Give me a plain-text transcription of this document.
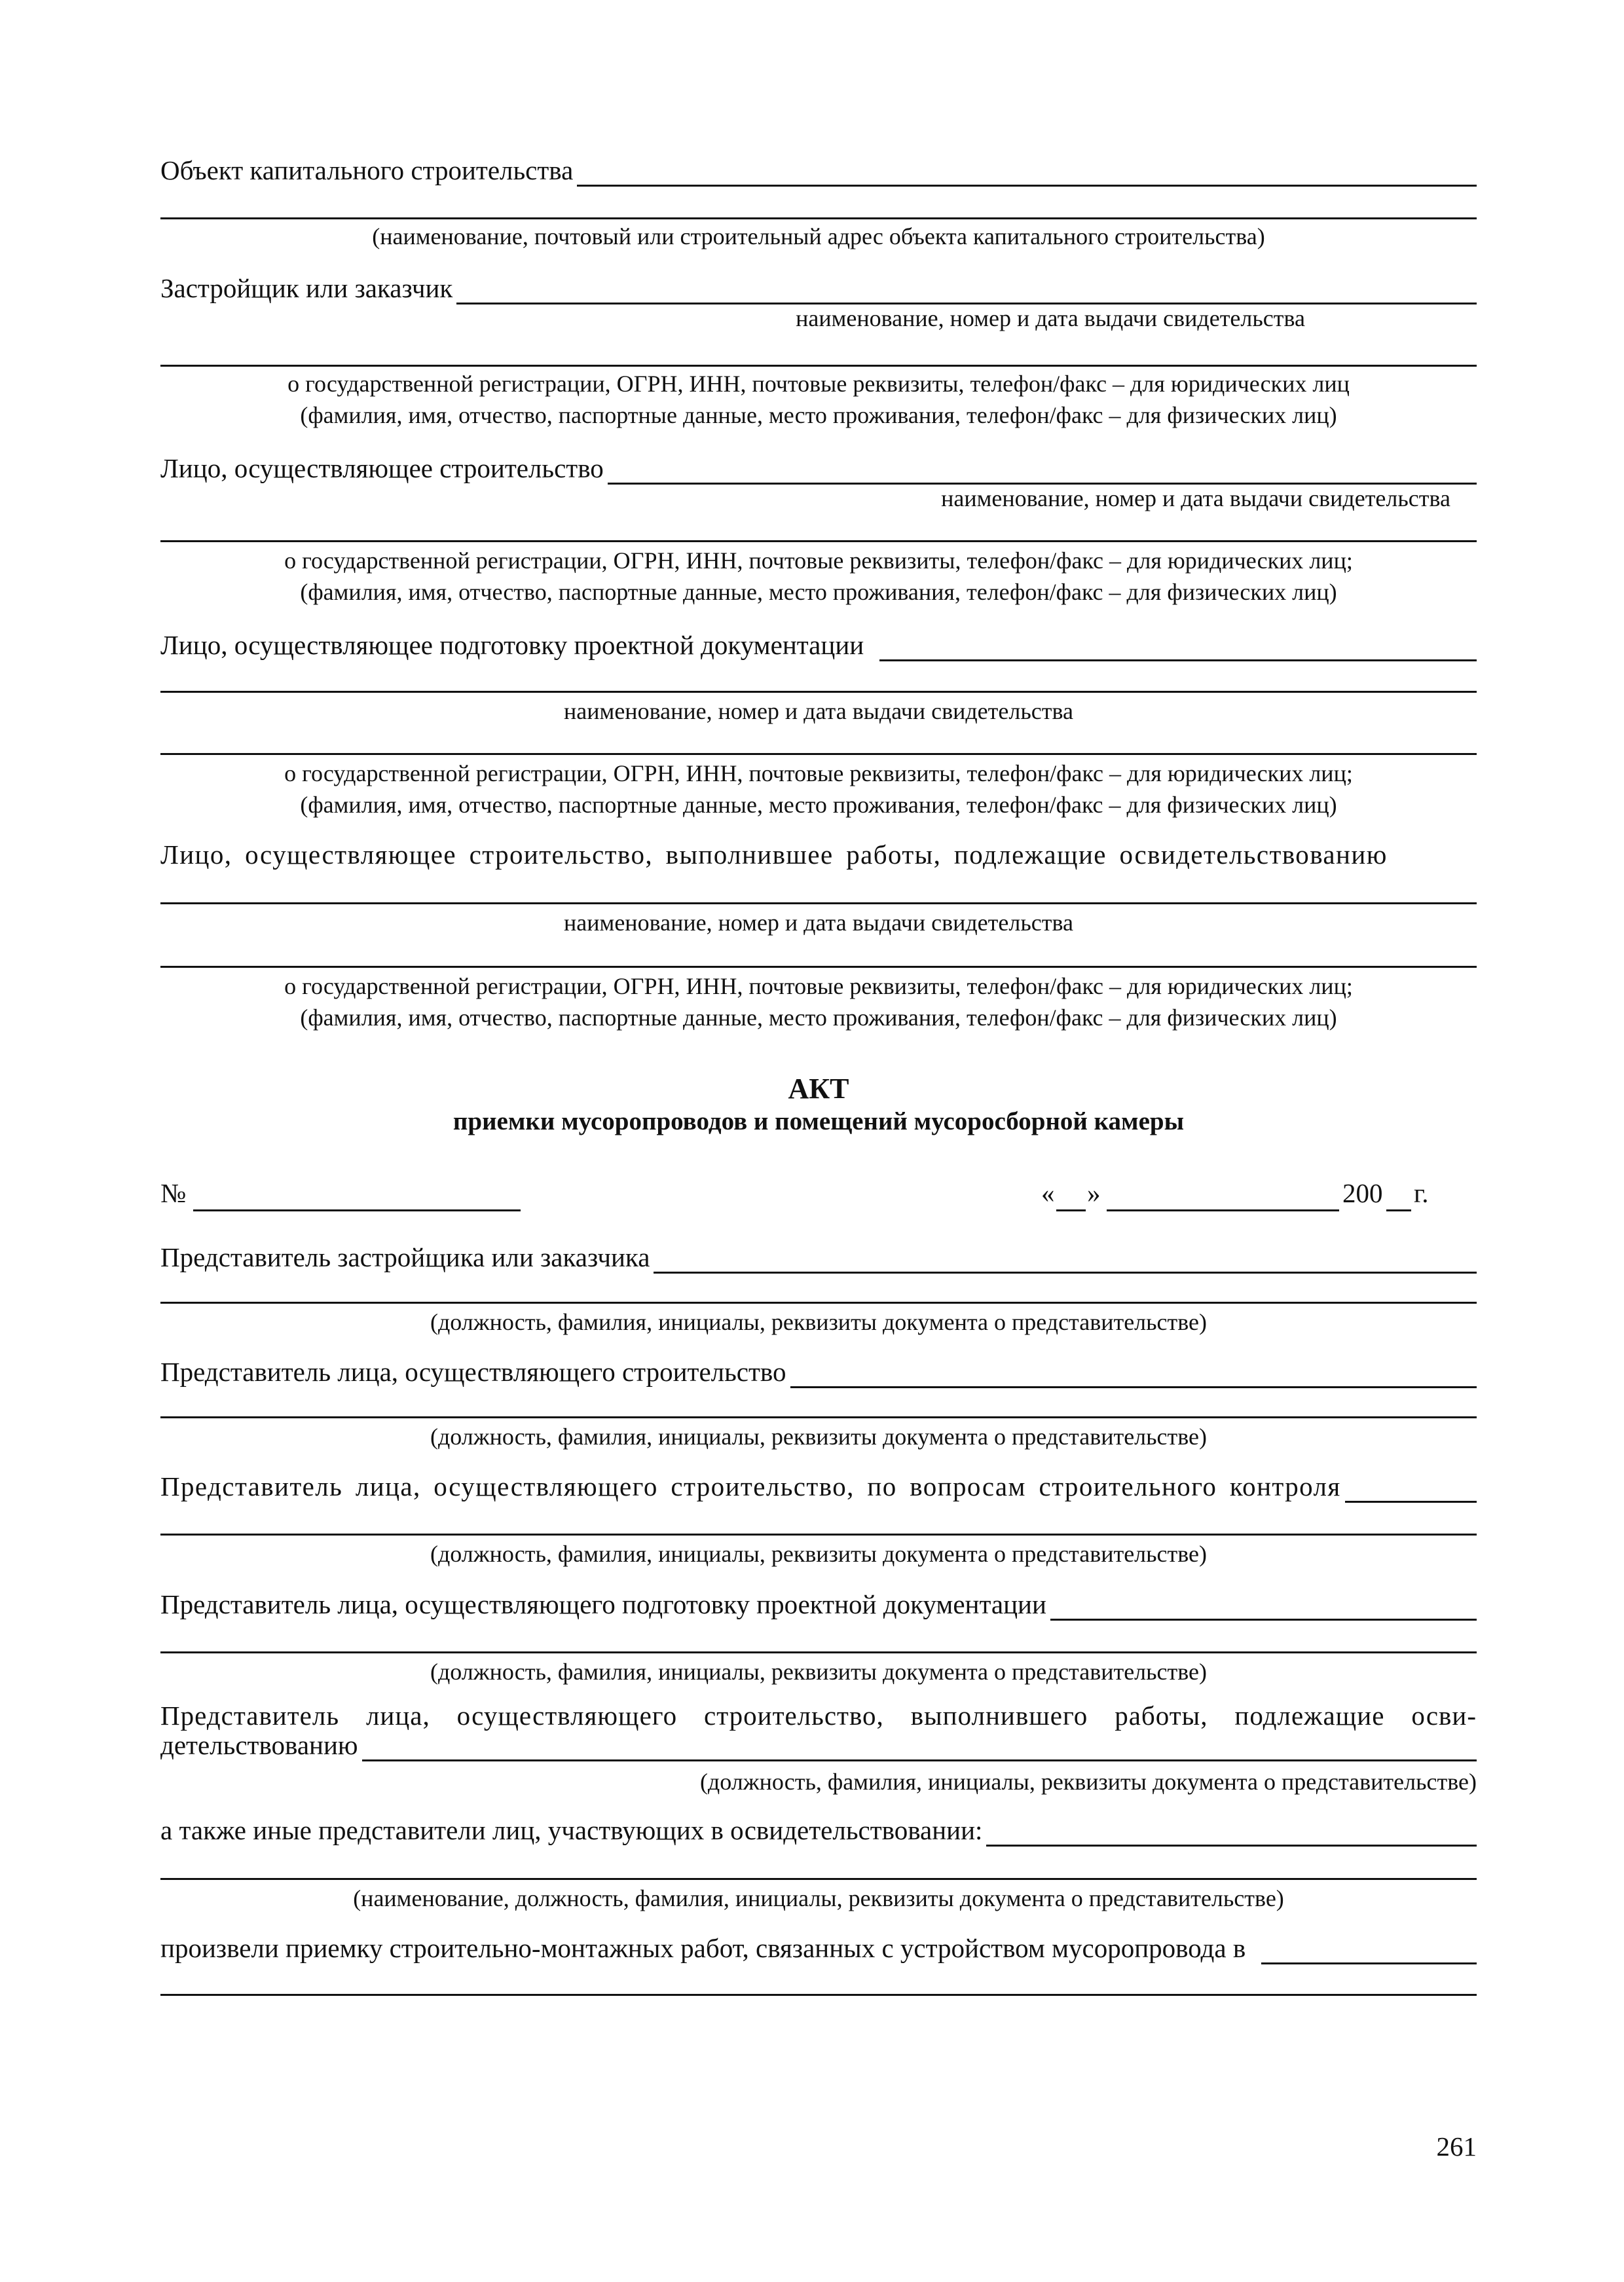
Объект капитального строительства
(наименование, почтовый или строительный адрес объекта капитального строительства)
Застройщик или заказчик
наименование, номер и дата выдачи свидетельства
о государственной регистрации, ОГРН, ИНН, почтовые реквизиты, телефон/факс – для юридических лиц
(фамилия, имя, отчество, паспортные данные, место проживания, телефон/факс – для физических лиц)
Лицо, осуществляющее строительство
наименование, номер и дата выдачи свидетельства
о государственной регистрации, ОГРН, ИНН, почтовые реквизиты, телефон/факс – для юридических лиц;
(фамилия, имя, отчество, паспортные данные, место проживания, телефон/факс – для физических лиц)
Лицо, осуществляющее подготовку проектной документации
наименование, номер и дата выдачи свидетельства
о государственной регистрации, ОГРН, ИНН, почтовые реквизиты, телефон/факс – для юридических лиц;
(фамилия, имя, отчество, паспортные данные, место проживания, телефон/факс – для физических лиц)
Лицо, осуществляющее строительство, выполнившее работы, подлежащие освидетельствованию
наименование, номер и дата выдачи свидетельства
о государственной регистрации, ОГРН, ИНН, почтовые реквизиты, телефон/факс – для юридических лиц;
(фамилия, имя, отчество, паспортные данные, место проживания, телефон/факс – для физических лиц)
АКТ
приемки мусоропроводов и помещений мусоросборной камеры
№	« »	200 г.
Представитель застройщика или заказчика
(должность, фамилия, инициалы, реквизиты документа о представительстве)
Представитель лица, осуществляющего строительство
(должность, фамилия, инициалы, реквизиты документа о представительстве)
Представитель лица, осуществляющего строительство, по вопросам строительного контроля
(должность, фамилия, инициалы, реквизиты документа о представительстве)
Представитель лица, осуществляющего подготовку проектной документации
(должность, фамилия, инициалы, реквизиты документа о представительстве)
Представитель лица, осуществляющего строительство, выполнившего работы, подлежащие осви-
детельствованию
(должность, фамилия, инициалы, реквизиты документа о представительстве)
а также иные представители лиц, участвующих в освидетельствовании:
(наименование, должность, фамилия, инициалы, реквизиты документа о представительстве)
произвели приемку строительно-монтажных работ, связанных с устройством мусоропровода в
261
